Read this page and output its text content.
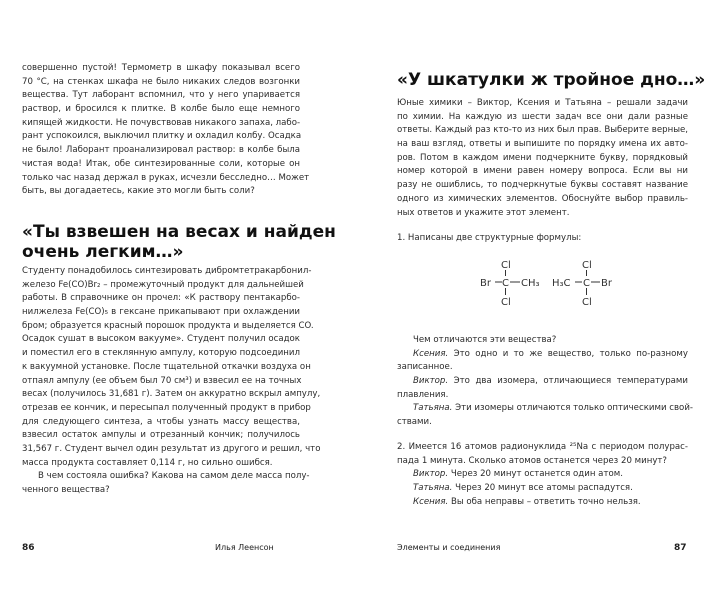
совершенно пустой! Термометр в шкафу показывал всего
70 °С, на стенках шкафа не было никаких следов возгонки
вещества. Тут лаборант вспомнил, что у него упаривается
раствор, и бросился к плитке. В колбе было еще немного
кипящей жидкости. Не почувствовав никакого запаха, лабо-
рант успокоился, выключил плитку и охладил колбу. Осадка
не было! Лаборант проанализировал раствор: в колбе была
чистая вода! Итак, обе синтезированные соли, которые он
только час назад держал в руках, исчезли бесследно… Может
быть, вы догадаетесь, какие это могли быть соли?
«Ты взвешен на весах и найден
очень легким…»
Студенту понадобилось синтезировать дибромтетракарбонил-
железо Fe(CO)Br₂ – промежуточный продукт для дальнейшей
работы. В справочнике он прочел: «К раствору пентакарбо-
нилжелеза Fe(CO)₅ в гексане прикапывают при охлаждении
бром; образуется красный порошок продукта и выделяется CO.
Осадок сушат в высоком вакууме». Студент получил осадок
и поместил его в стеклянную ампулу, которую подсоединил
к вакуумной установке. После тщательной откачки воздуха он
отпаял ампулу (ее объем был 70 см³) и взвесил ее на точных
весах (получилось 31,681 г). Затем он аккуратно вскрыл ампулу,
отрезав ее кончик, и пересыпал полученный продукт в прибор
для следующего синтеза, а чтобы узнать массу вещества,
взвесил остаток ампулы и отрезанный кончик; получилось
31,567 г. Студент вычел один результат из другого и решил, что
масса продукта составляет 0,114 г, но сильно ошибся.
В чем состояла ошибка? Какова на самом деле масса полу-
ченного вещества?
86	Илья Леенсон
«У шкатулки ж тройное дно…»
Юные химики – Виктор, Ксения и Татьяна – решали задачи
по химии. На каждую из шести задач все они дали разные
ответы. Каждый раз кто-то из них был прав. Выберите верные,
на ваш взгляд, ответы и выпишите по порядку имена их авто-
ров. Потом в каждом имени подчеркните букву, порядковый
номер которой в имени равен номеру вопроса. Если вы ни
разу не ошиблись, то подчеркнутые буквы составят название
одного из химических элементов. Обоснуйте выбор правиль-
ных ответов и укажите этот элемент.
1. Написаны две структурные формулы:
Cl
Br C CH₃
Cl
Cl
H₃C C Br
Cl
Чем отличаются эти вещества?
Ксения. Это одно и то же вещество, только по-разному
записанное.
Виктор. Это два изомера, отличающиеся температурами
плавления.
Татьяна. Эти изомеры отличаются только оптическими свой-
ствами.
2. Имеется 16 атомов радионуклида ²⁵Na с периодом полурас-
пада 1 минута. Сколько атомов останется через 20 минут?
Виктор. Через 20 минут останется один атом.
Татьяна. Через 20 минут все атомы распадутся.
Ксения. Вы оба неправы – ответить точно нельзя.
Элементы и соединения	87
